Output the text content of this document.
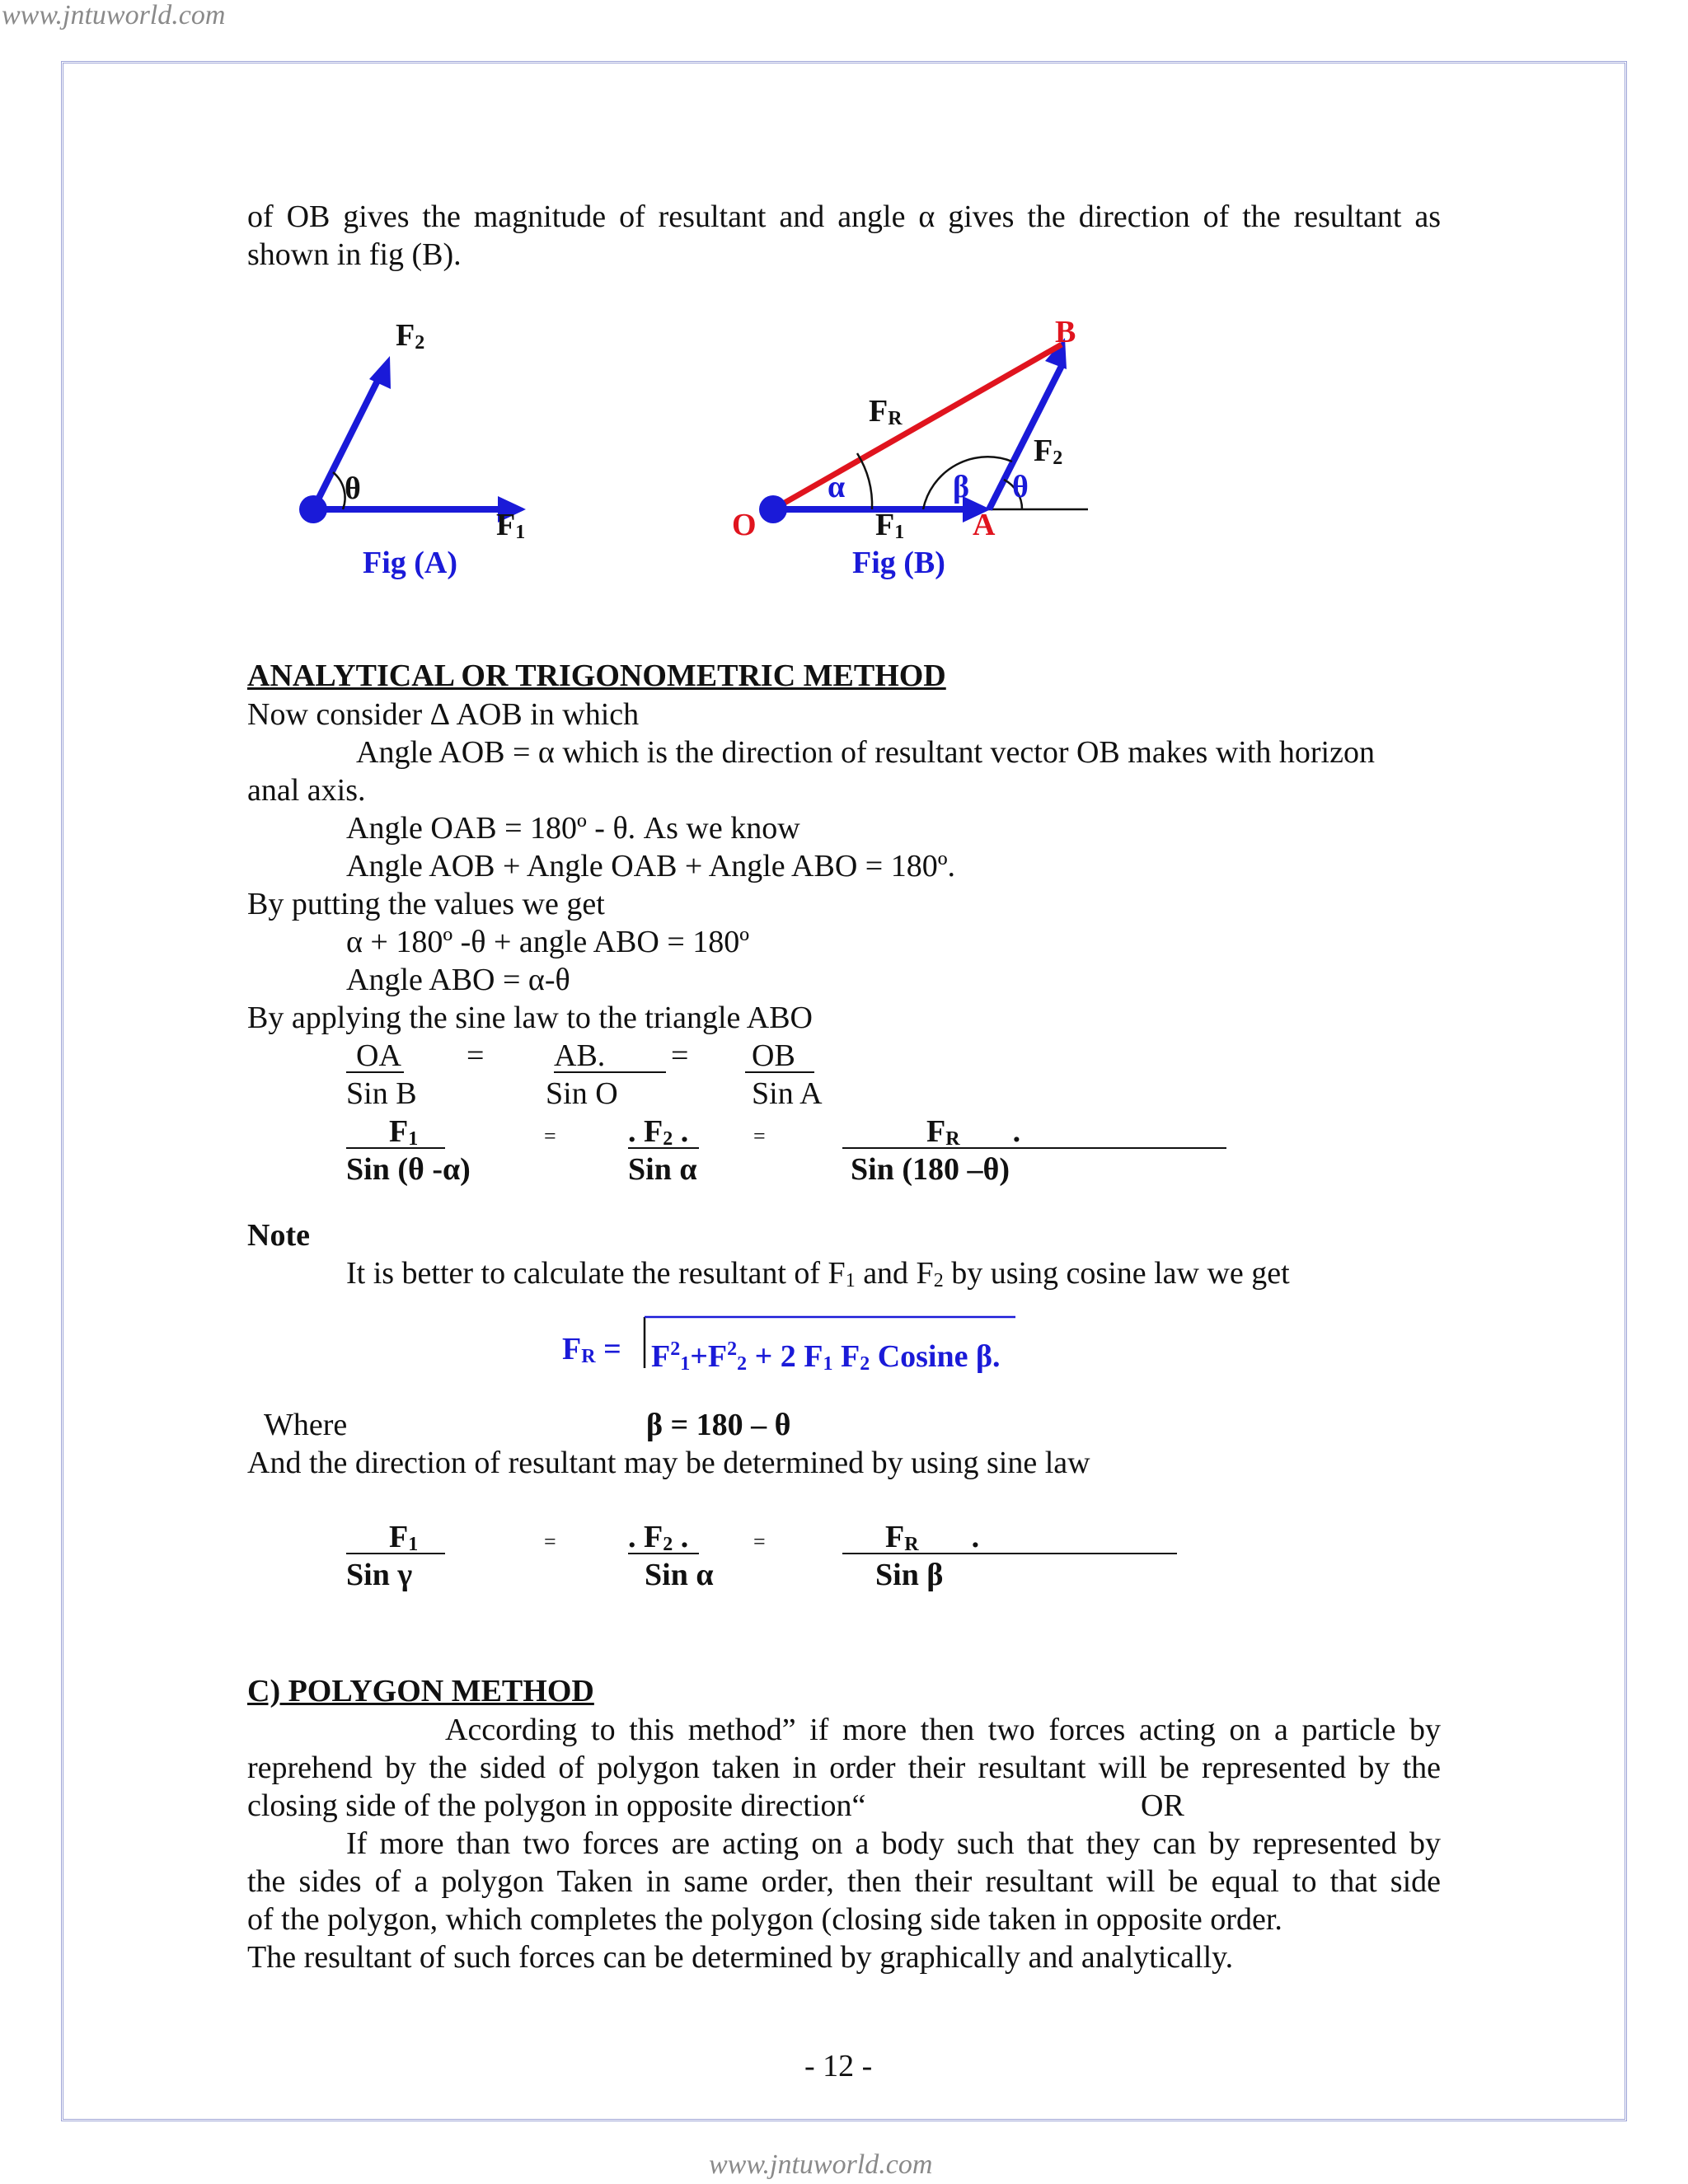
www.jntuworld.com
of OB gives the magnitude of resultant and angle α gives the direction of the resultant as
shown in fig (B).
F2
θ
F1
Fig (A)
B
FR
F2
α	β θ
O	F1 A
Fig (B)
ANALYTICAL OR TRIGONOMETRIC METHOD
Now consider Δ AOB in which
Angle AOB = α which is the direction of resultant vector OB makes with horizon
anal axis.
Angle OAB = 180º - θ. As we know
Angle AOB + Angle OAB + Angle ABO = 180º.
By putting the values we get
α + 180º -θ + angle ABO = 180º
Angle ABO = α-θ
By applying the sine law to the triangle ABO
OA
Sin B
= AB.
Sin O
= OB
Sin A
F1
Sin (θ -α)
= . F2 .
Sin α
=	FR .
Sin (180 –θ)
Note
It is better to calculate the resultant of F1 and F2 by using cosine law we get
FR = $F^21+F^22 + 2$ F1 F2 Cosine β.
Where	β = 180 – θ
And the direction of resultant may be determined by using sine law
F1
Sin γ
= . F2 .
Sin α
=	FR .
Sin β
C) POLYGON METHOD
According to this method” if more then two forces acting on a particle by
reprehend by the sided of polygon taken in order their resultant will be represented by the
closing side of the polygon in opposite direction“	OR
If more than two forces are acting on a body such that they can by represented by
the sides of a polygon Taken in same order, then their resultant will be equal to that side
of the polygon, which completes the polygon (closing side taken in opposite order.
The resultant of such forces can be determined by graphically and analytically.
- 12 -
www.jntuworld.com
